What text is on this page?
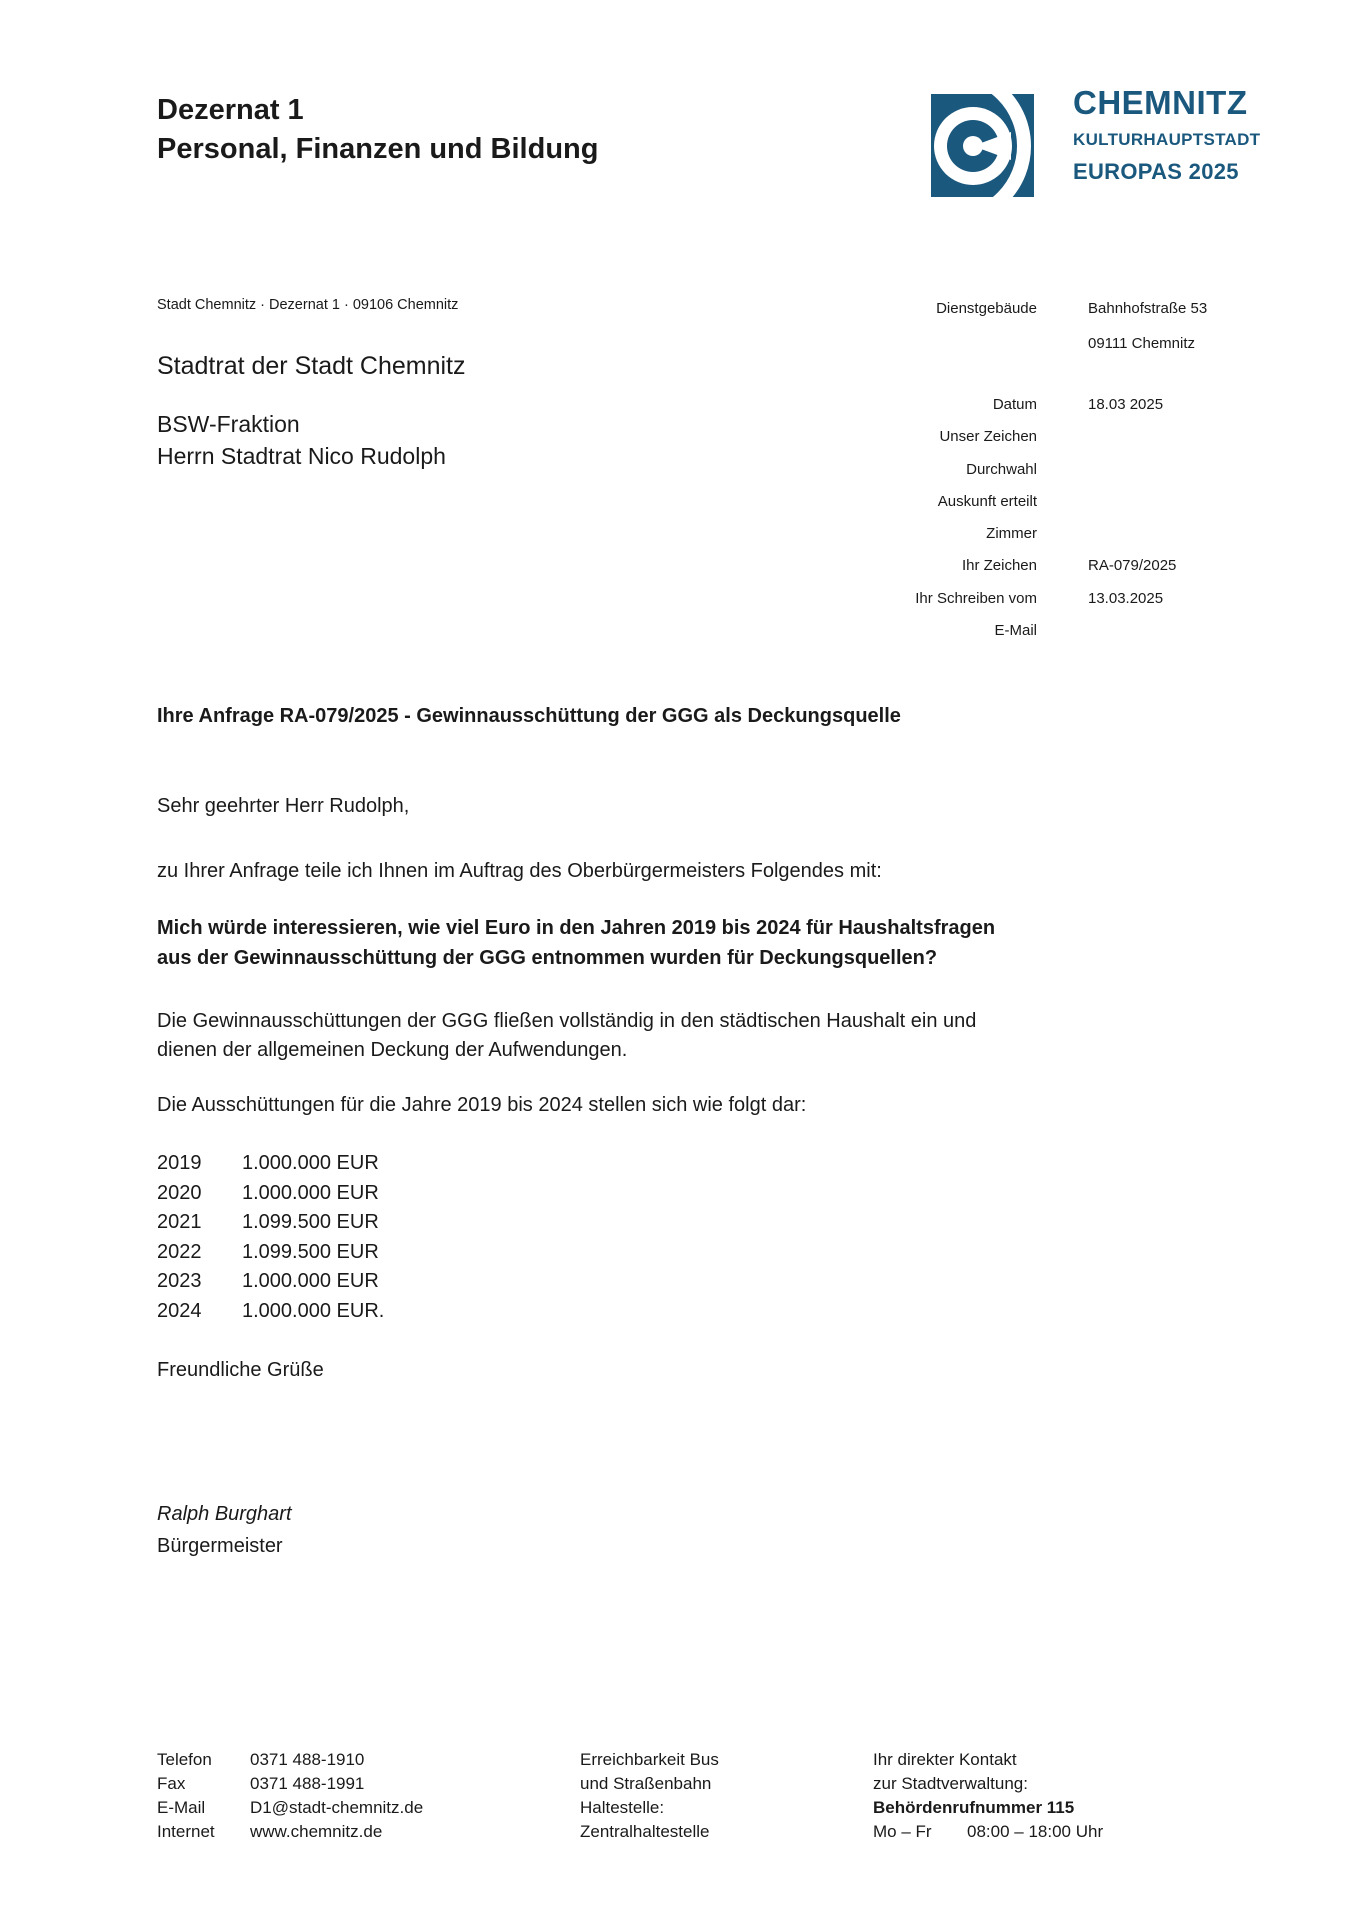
Dezernat 1
Personal, Finanzen und Bildung
CHEMNITZ
KULTURHAUPTSTADT
EUROPAS 2025
Stadt Chemnitz · Dezernat 1 · 09106 Chemnitz
Stadtrat der Stadt Chemnitz
BSW-Fraktion
Herrn Stadtrat Nico Rudolph
Dienstgebäude	Bahnhofstraße 53
09111 Chemnitz
Datum	18.03 2025
Unser Zeichen
Durchwahl
Auskunft erteilt
Zimmer
Ihr Zeichen	RA-079/2025
Ihr Schreiben vom	13.03.2025
E-Mail
Ihre Anfrage RA-079/2025 - Gewinnausschüttung der GGG als Deckungsquelle
Sehr geehrter Herr Rudolph,
zu Ihrer Anfrage teile ich Ihnen im Auftrag des Oberbürgermeisters Folgendes mit:
Mich würde interessieren, wie viel Euro in den Jahren 2019 bis 2024 für Haushaltsfragen
aus der Gewinnausschüttung der GGG entnommen wurden für Deckungsquellen?
Die Gewinnausschüttungen der GGG fließen vollständig in den städtischen Haushalt ein und
dienen der allgemeinen Deckung der Aufwendungen.
Die Ausschüttungen für die Jahre 2019 bis 2024 stellen sich wie folgt dar:
2019 1.000.000 EUR
2020 1.000.000 EUR
2021 1.099.500 EUR
2022 1.099.500 EUR
2023 1.000.000 EUR
2024 1.000.000 EUR.
Freundliche Grüße
Ralph Burghart
Bürgermeister
Telefon 0371 488-1910
Fax	0371 488-1991
E-Mail	D1@stadt-chemnitz.de
Internet www.chemnitz.de
Erreichbarkeit Bus
und Straßenbahn
Haltestelle:
Zentralhaltestelle
Ihr direkter Kontakt
zur Stadtverwaltung:
Behördenrufnummer 115
Mo – Fr 08:00 – 18:00 Uhr
